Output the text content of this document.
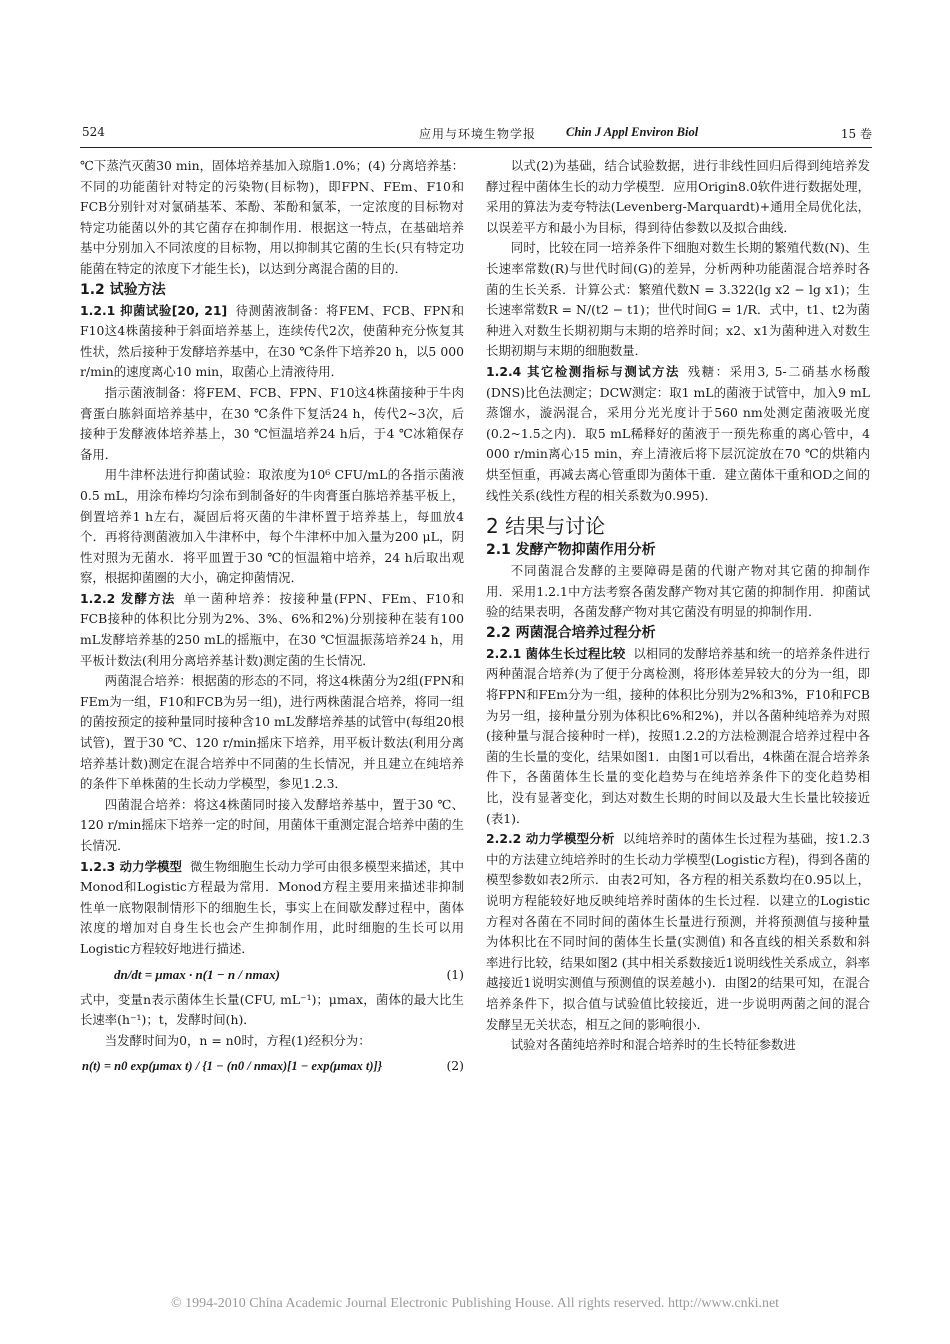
524	应用与环境生物学报 Chin J Appl Environ Biol	15 卷

℃下蒸汽灭菌30 min，固体培养基加入琼脂1.0%；(4) 分离培养基：不同的功能菌针对特定的污染物(目标物)，即FPN、FEm、F10和FCB分别针对对氯硝基苯、苯酚、苯酚和氯苯，一定浓度的目标物对特定功能菌以外的其它菌存在抑制作用．根据这一特点，在基础培养基中分别加入不同浓度的目标物，用以抑制其它菌的生长(只有特定功能菌在特定的浓度下才能生长)，以达到分离混合菌的目的．

1.2 试验方法

1.2.1 抑菌试验[20, 21] 待测菌液制备：将FEM、FCB、FPN和F10这4株菌接种于斜面培养基上，连续传代2次，使菌种充分恢复其性状，然后接种于发酵培养基中，在30 ℃条件下培养20 h，以5 000 r/min的速度离心10 min，取菌心上清液待用．

指示菌液制备：将FEM、FCB、FPN、F10这4株菌接种于牛肉膏蛋白胨斜面培养基中，在30 ℃条件下复活24 h，传代2~3次，后接种于发酵液体培养基上，30 ℃恒温培养24 h后，于4 ℃冰箱保存备用．

用牛津杯法进行抑菌试验：取浓度为10⁶ CFU/mL的各指示菌液0.5 mL，用涂布棒均匀涂布到制备好的牛肉膏蛋白胨培养基平板上，倒置培养1 h左右，凝固后将灭菌的牛津杯置于培养基上，每皿放4个．再将待测菌液加入牛津杯中，每个牛津杯中加入量为200 μL，阴性对照为无菌水．将平皿置于30 ℃的恒温箱中培养，24 h后取出观察，根据抑菌圈的大小，确定抑菌情况．

1.2.2 发酵方法 单一菌种培养：按接种量(FPN、FEm、F10和FCB接种的体积比分别为2%、3%、6%和2%)分别接种在装有100 mL发酵培养基的250 mL的摇瓶中，在30 ℃恒温振荡培养24 h，用平板计数法(利用分离培养基计数)测定菌的生长情况．

两菌混合培养：根据菌的形态的不同，将这4株菌分为2组(FPN和FEm为一组，F10和FCB为另一组)，进行两株菌混合培养，将同一组的菌按预定的接种量同时接种含10 mL发酵培养基的试管中(每组20根试管)，置于30 ℃、120 r/min摇床下培养，用平板计数法(利用分离培养基计数)测定在混合培养中不同菌的生长情况，并且建立在纯培养的条件下单株菌的生长动力学模型，参见1.2.3．

四菌混合培养：将这4株菌同时接入发酵培养基中，置于30 ℃、120 r/min摇床下培养一定的时间，用菌体干重测定混合培养中菌的生长情况．

1.2.3 动力学模型 微生物细胞生长动力学可由很多模型来描述，其中Monod和Logistic方程最为常用．Monod方程主要用来描述非抑制性单一底物限制情形下的细胞生长，事实上在间歇发酵过程中，菌体浓度的增加对自身生长也会产生抑制作用，此时细胞的生长可以用Logistic方程较好地进行描述．

dn/dt = μmax · n(1 − n / nmax)	(1)

式中，变量n表示菌体生长量(CFU, mL⁻¹)；μmax，菌体的最大比生长速率(h⁻¹)；t，发酵时间(h)．

当发酵时间为0，n = n0时，方程(1)经积分为：

n(t) = n0 exp(μmax t) / {1 − (n0 / nmax)[1 − exp(μmax t)]}	(2)

以式(2)为基础，结合试验数据，进行非线性回归后得到纯培养发酵过程中菌体生长的动力学模型．应用Origin8.0软件进行数据处理，采用的算法为麦夸特法(Levenberg-Marquardt)+通用全局优化法，以误差平方和最小为目标，得到待估参数以及拟合曲线．

同时，比较在同一培养条件下细胞对数生长期的繁殖代数(N)、生长速率常数(R)与世代时间(G)的差异，分析两种功能菌混合培养时各菌的生长关系．计算公式：繁殖代数N = 3.322(lg x2 − lg x1)；生长速率常数R = N/(t2 − t1)；世代时间G = 1/R．式中，t1、t2为菌种进入对数生长期初期与末期的培养时间；x2、x1为菌种进入对数生长期初期与末期的细胞数量．

1.2.4 其它检测指标与测试方法 残糖：采用3, 5-二硝基水杨酸(DNS)比色法测定；DCW测定：取1 mL的菌液于试管中，加入9 mL蒸馏水，漩涡混合，采用分光光度计于560 nm处测定菌液吸光度(0.2~1.5之内)．取5 mL稀释好的菌液于一预先称重的离心管中，4 000 r/min离心15 min，弃上清液后将下层沉淀放在70 ℃的烘箱内烘至恒重，再减去离心管重即为菌体干重．建立菌体干重和OD之间的线性关系(线性方程的相关系数为0.995)．

2 结果与讨论
2.1 发酵产物抑菌作用分析

不同菌混合发酵的主要障碍是菌的代谢产物对其它菌的抑制作用．采用1.2.1中方法考察各菌发酵产物对其它菌的抑制作用．抑菌试验的结果表明，各菌发酵产物对其它菌没有明显的抑制作用．

2.2 两菌混合培养过程分析

2.2.1 菌体生长过程比较 以相同的发酵培养基和统一的培养条件进行两种菌混合培养(为了便于分离检测，将形体差异较大的分为一组，即将FPN和FEm分为一组，接种的体积比分别为2%和3%，F10和FCB为另一组，接种量分别为体积比6%和2%)，并以各菌种纯培养为对照(接种量与混合接种时一样)，按照1.2.2的方法检测混合培养过程中各菌的生长量的变化，结果如图1．由图1可以看出，4株菌在混合培养条件下，各菌菌体生长量的变化趋势与在纯培养条件下的变化趋势相比，没有显著变化，到达对数生长期的时间以及最大生长量比较接近(表1)．

2.2.2 动力学模型分析 以纯培养时的菌体生长过程为基础，按1.2.3中的方法建立纯培养时的生长动力学模型(Logistic方程)，得到各菌的模型参数如表2所示．由表2可知，各方程的相关系数均在0.95以上，说明方程能较好地反映纯培养时菌体的生长过程．以建立的Logistic方程对各菌在不同时间的菌体生长量进行预测，并将预测值与接种量为体积比在不同时间的菌体生长量(实测值) 和各直线的相关系数和斜率进行比较，结果如图2 (其中相关系数接近1说明线性关系成立，斜率越接近1说明实测值与预测值的误差越小)．由图2的结果可知，在混合培养条件下，拟合值与试验值比较接近，进一步说明两菌之间的混合发酵呈无关状态，相互之间的影响很小．

试验对各菌纯培养时和混合培养时的生长特征参数进

© 1994-2010 China Academic Journal Electronic Publishing House. All rights reserved. http://www.cnki.net
